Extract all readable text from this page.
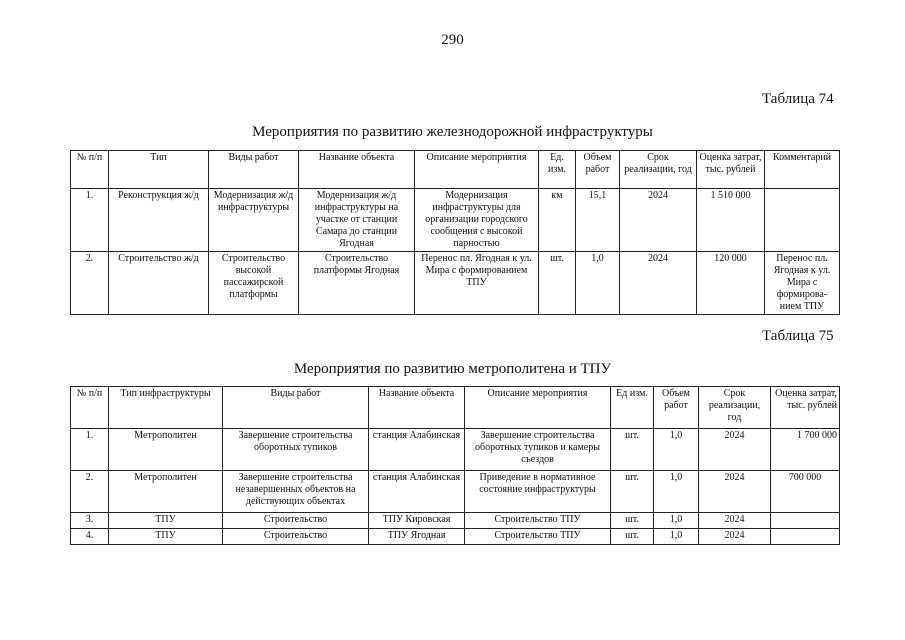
290
Таблица 74
Мероприятия по развитию железнодорожной инфраструктуры
№ п/п	Тип	Виды работ	Название объекта	Описание мероприятия	Ед. изм.	Объем работ	Срок реализации, год	Оценка затрат, тыс. рублей	Комментарий
1.	Реконструкция ж/д	Модернизация ж/д инфраструктуры	Модернизация ж/д инфраструктуры на участке от станции Самара до станции Ягодная	Модернизация инфраструктуры для организации городского сообщения с высокой парностью	км	15,1	2024	1 510 000	
2.	Строительство ж/д	Строительство высокой пассажирской платформы	Строительство платформы Ягодная	Перенос пл. Ягодная к ул. Мира с формированием ТПУ	шт.	1,0	2024	120 000	Перенос пл. Ягодная к ул. Мира с формирова-нием ТПУ
Таблица 75
Мероприятия по развитию метрополитена и ТПУ
№ п/п	Тип инфраструктуры	Виды работ	Название объекта	Описание мероприятия	Ед изм.	Объем работ	Срок реализации, год	Оценка затрат, тыс. рублей
1.	Метрополитен	Завершение строительства оборотных тупиков	станция Алабинская	Завершение строительства оборотных тупиков и камеры съездов	шт.	1,0	2024	1 700 000
2.	Метрополитен	Завершение строительства незавершенных объектов на действующих объектах	станция Алабинская	Приведение в нормативное состояние инфраструктуры	шт.	1,0	2024	700 000
3.	ТПУ	Строительство	ТПУ Кировская	Строительство ТПУ	шт.	1,0	2024	
4.	ТПУ	Строительство	ТПУ Ягодная	Строительство ТПУ	шт.	1,0	2024	
